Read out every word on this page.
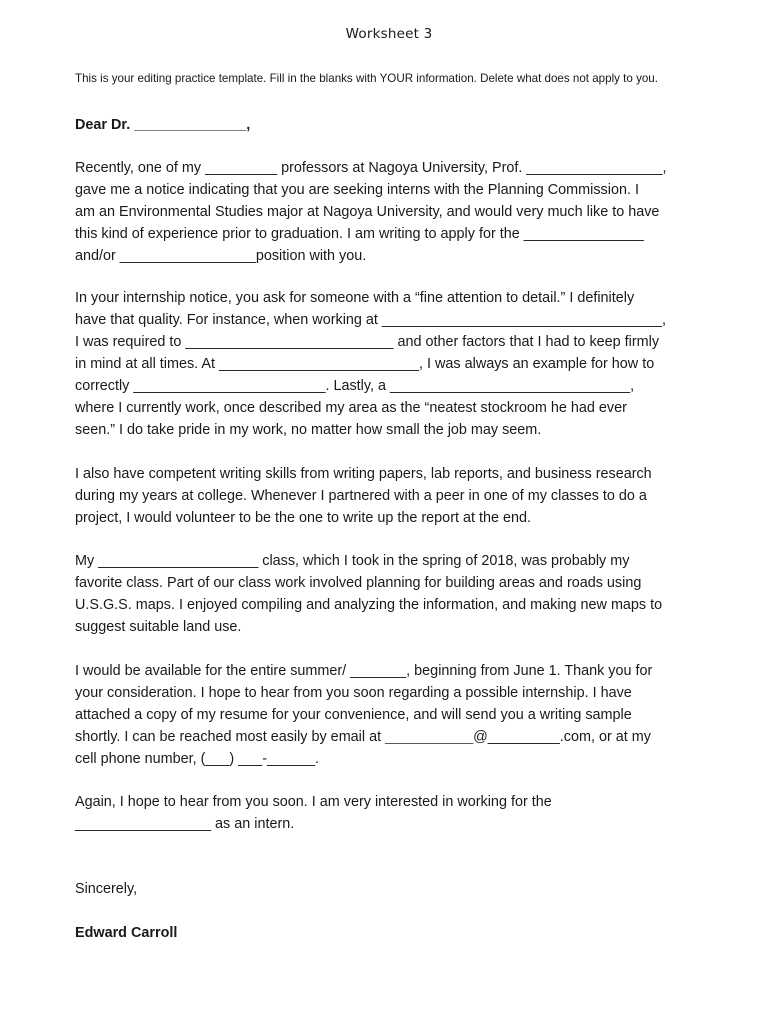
Worksheet 3
This is your editing practice template. Fill in the blanks with YOUR information. Delete what does not apply to you.
Dear Dr. ______________,
Recently, one of my _________ professors at Nagoya University, Prof. _________________,
gave me a notice indicating that you are seeking interns with the Planning Commission. I
am an Environmental Studies major at Nagoya University, and would very much like to have
this kind of experience prior to graduation. I am writing to apply for the _______________
and/or _________________position with you.
In your internship notice, you ask for someone with a “fine attention to detail.” I definitely
have that quality. For instance, when working at ___________________________________,
I was required to __________________________ and other factors that I had to keep firmly
in mind at all times. At _________________________, I was always an example for how to
correctly ________________________. Lastly, a ______________________________,
where I currently work, once described my area as the “neatest stockroom he had ever
seen.” I do take pride in my work, no matter how small the job may seem.
I also have competent writing skills from writing papers, lab reports, and business research
during my years at college. Whenever I partnered with a peer in one of my classes to do a
project, I would volunteer to be the one to write up the report at the end.
My ____________________ class, which I took in the spring of 2018, was probably my
favorite class. Part of our class work involved planning for building areas and roads using
U.S.G.S. maps. I enjoyed compiling and analyzing the information, and making new maps to
suggest suitable land use.
I would be available for the entire summer/ _______, beginning from June 1. Thank you for
your consideration. I hope to hear from you soon regarding a possible internship. I have
attached a copy of my resume for your convenience, and will send you a writing sample
shortly. I can be reached most easily by email at ___________@_________.com, or at my
cell phone number, (___) ___-______.
Again, I hope to hear from you soon. I am very interested in working for the
_________________ as an intern.
Sincerely,
Edward Carroll
